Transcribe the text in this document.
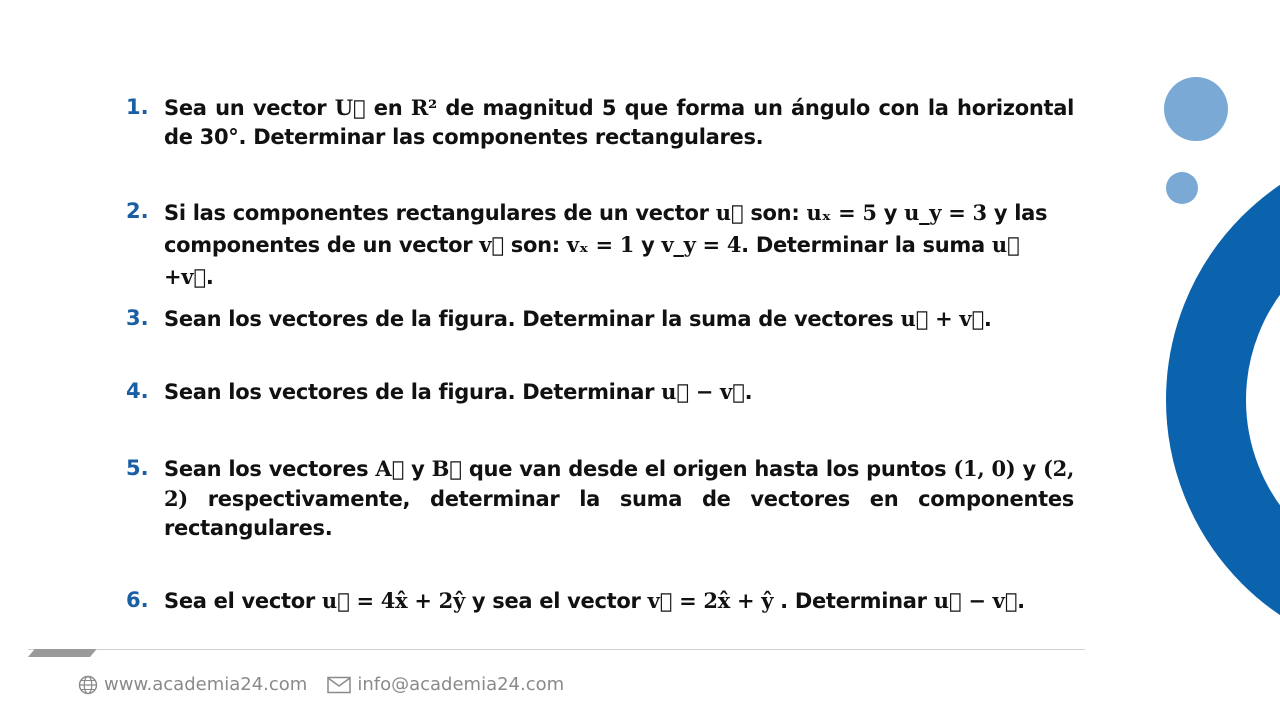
1. Sea un vector U⃗ en R² de magnitud 5 que forma un ángulo con la horizontal de 30°. Determinar las componentes rectangulares.
2. Si las componentes rectangulares de un vector u⃗ son: uₓ = 5 y u_y = 3 y las componentes de un vector v⃗ son: vₓ = 1 y v_y = 4. Determinar la suma u⃗ +v⃗.
3. Sean los vectores de la figura. Determinar la suma de vectores u⃗ + v⃗.
4. Sean los vectores de la figura. Determinar u⃗ − v⃗.
5. Sean los vectores A⃗ y B⃗ que van desde el origen hasta los puntos (1, 0) y (2, 2) respectivamente, determinar la suma de vectores en componentes rectangulares.
6. Sea el vector u⃗ = 4x̂ + 2ŷ y sea el vector v⃗ = 2x̂ + ŷ . Determinar u⃗ − v⃗.
www.academia24.com	info@academia24.com
